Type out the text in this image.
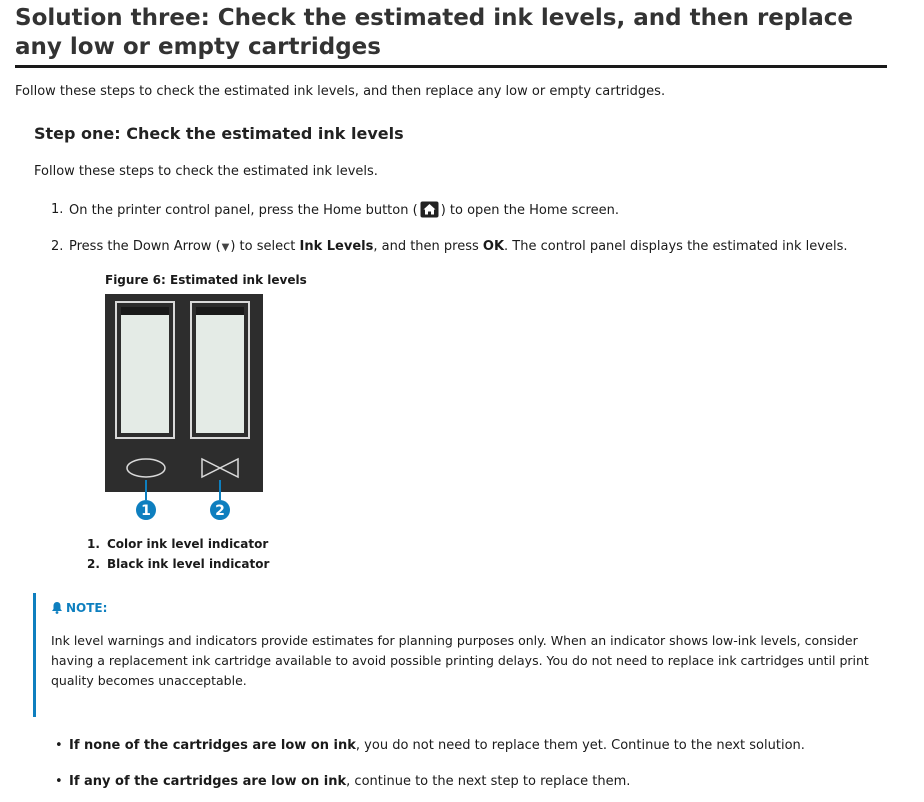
Solution three: Check the estimated ink levels, and then replace any low or empty cartridges

Follow these steps to check the estimated ink levels, and then replace any low or empty cartridges.

Step one: Check the estimated ink levels

Follow these steps to check the estimated ink levels.

1. On the printer control panel, press the Home button ( ) to open the Home screen.
2. Press the Down Arrow (▼) to select Ink Levels, and then press OK. The control panel displays the estimated ink levels.

Figure 6: Estimated ink levels

1	2
1. Color ink level indicator
2. Black ink level indicator
NOTE:

Ink level warnings and indicators provide estimates for planning purposes only. When an indicator shows low-ink levels, consider having a replacement ink cartridge available to avoid possible printing delays. You do not need to replace ink cartridges until print quality becomes unacceptable.

• If none of the cartridges are low on ink, you do not need to replace them yet. Continue to the next solution.
• If any of the cartridges are low on ink, continue to the next step to replace them.
